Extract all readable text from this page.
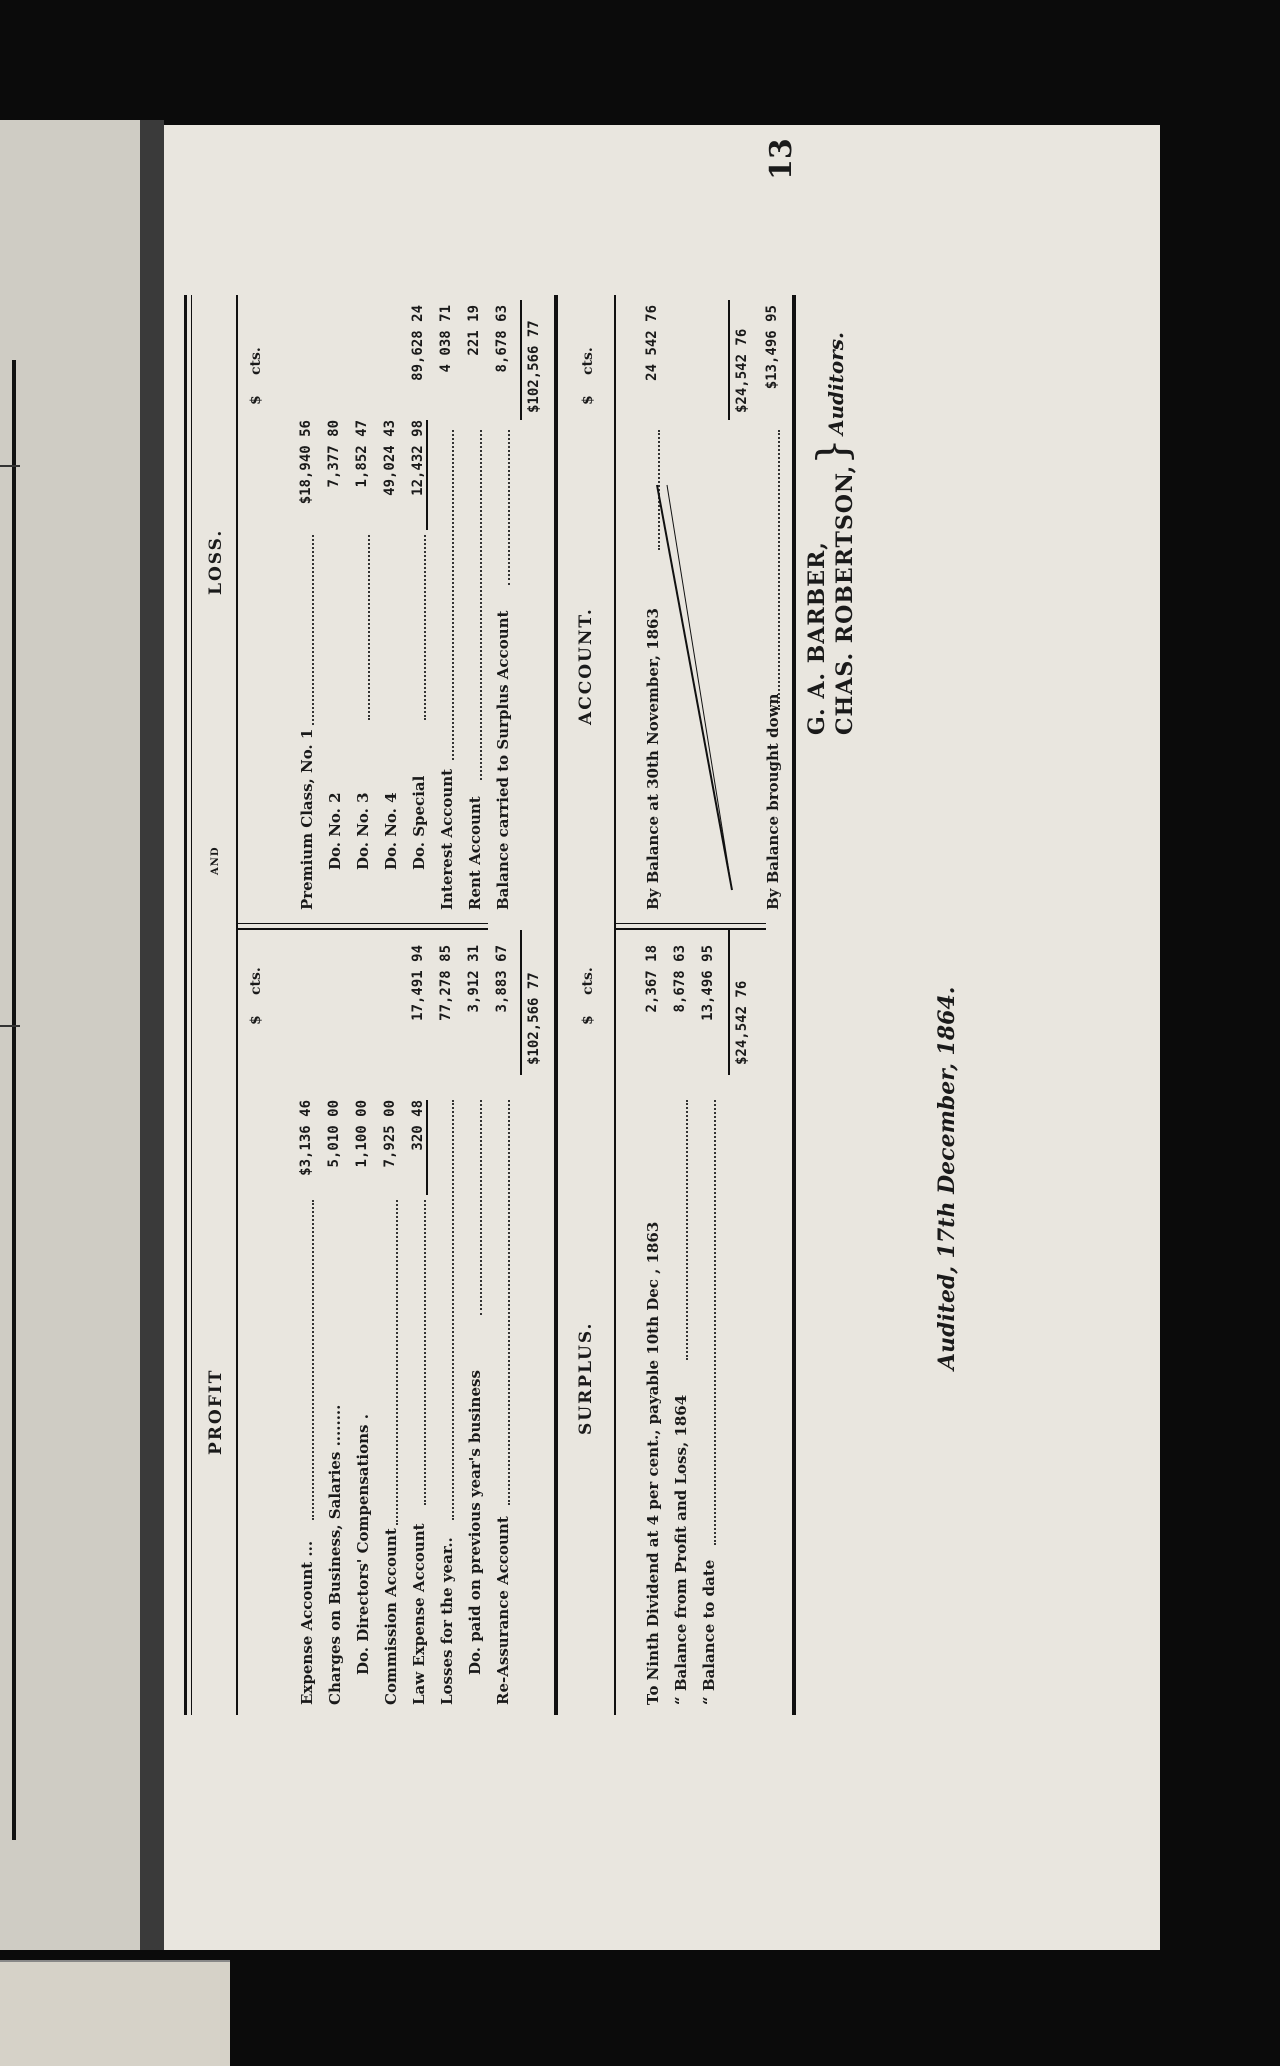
13
PROFIT
AND
LOSS.
$
cts.
$
cts.
Expense Account ...
$3,136 46
Charges on Business, Salaries ........
5,010 00
Do. Directors' Compensations .
1,100 00
Commission Account
7,925 00
Law Expense Account
320 48
17,491 94
Losses for the year..
77,278 85
Do. paid on previous year's business
3,912 31
Re-Assurance Account
3,883 67 $102,566 77
Premium Class, No. 1
$18,940 56
Do. No. 2
7,377 80
Do. No. 3
1,852 47
Do. No. 4
49,024 43
Do. Special
12,432 98
89,628 24
Interest Account
4 038 71
Rent Account
221 19
Balance carried to Surplus Account
8,678 63 $102,566 77
SURPLUS.
ACCOUNT.
$
cts.
$
cts.
To Ninth Dividend at 4 per cent., payable 10th Dec , 1863
2,367 18
“ Balance from Profit and Loss, 1864
8,678 63
“ Balance to date
13,496 95 $24,542 76
By Balance at 30th November, 1863
24 542 76	$24,542 76
By Balance brought down
$13,496 95
Audited, 17th December, 1864.
G. A. BARBER, CHAS. ROBERTSON,
}
Auditors.
